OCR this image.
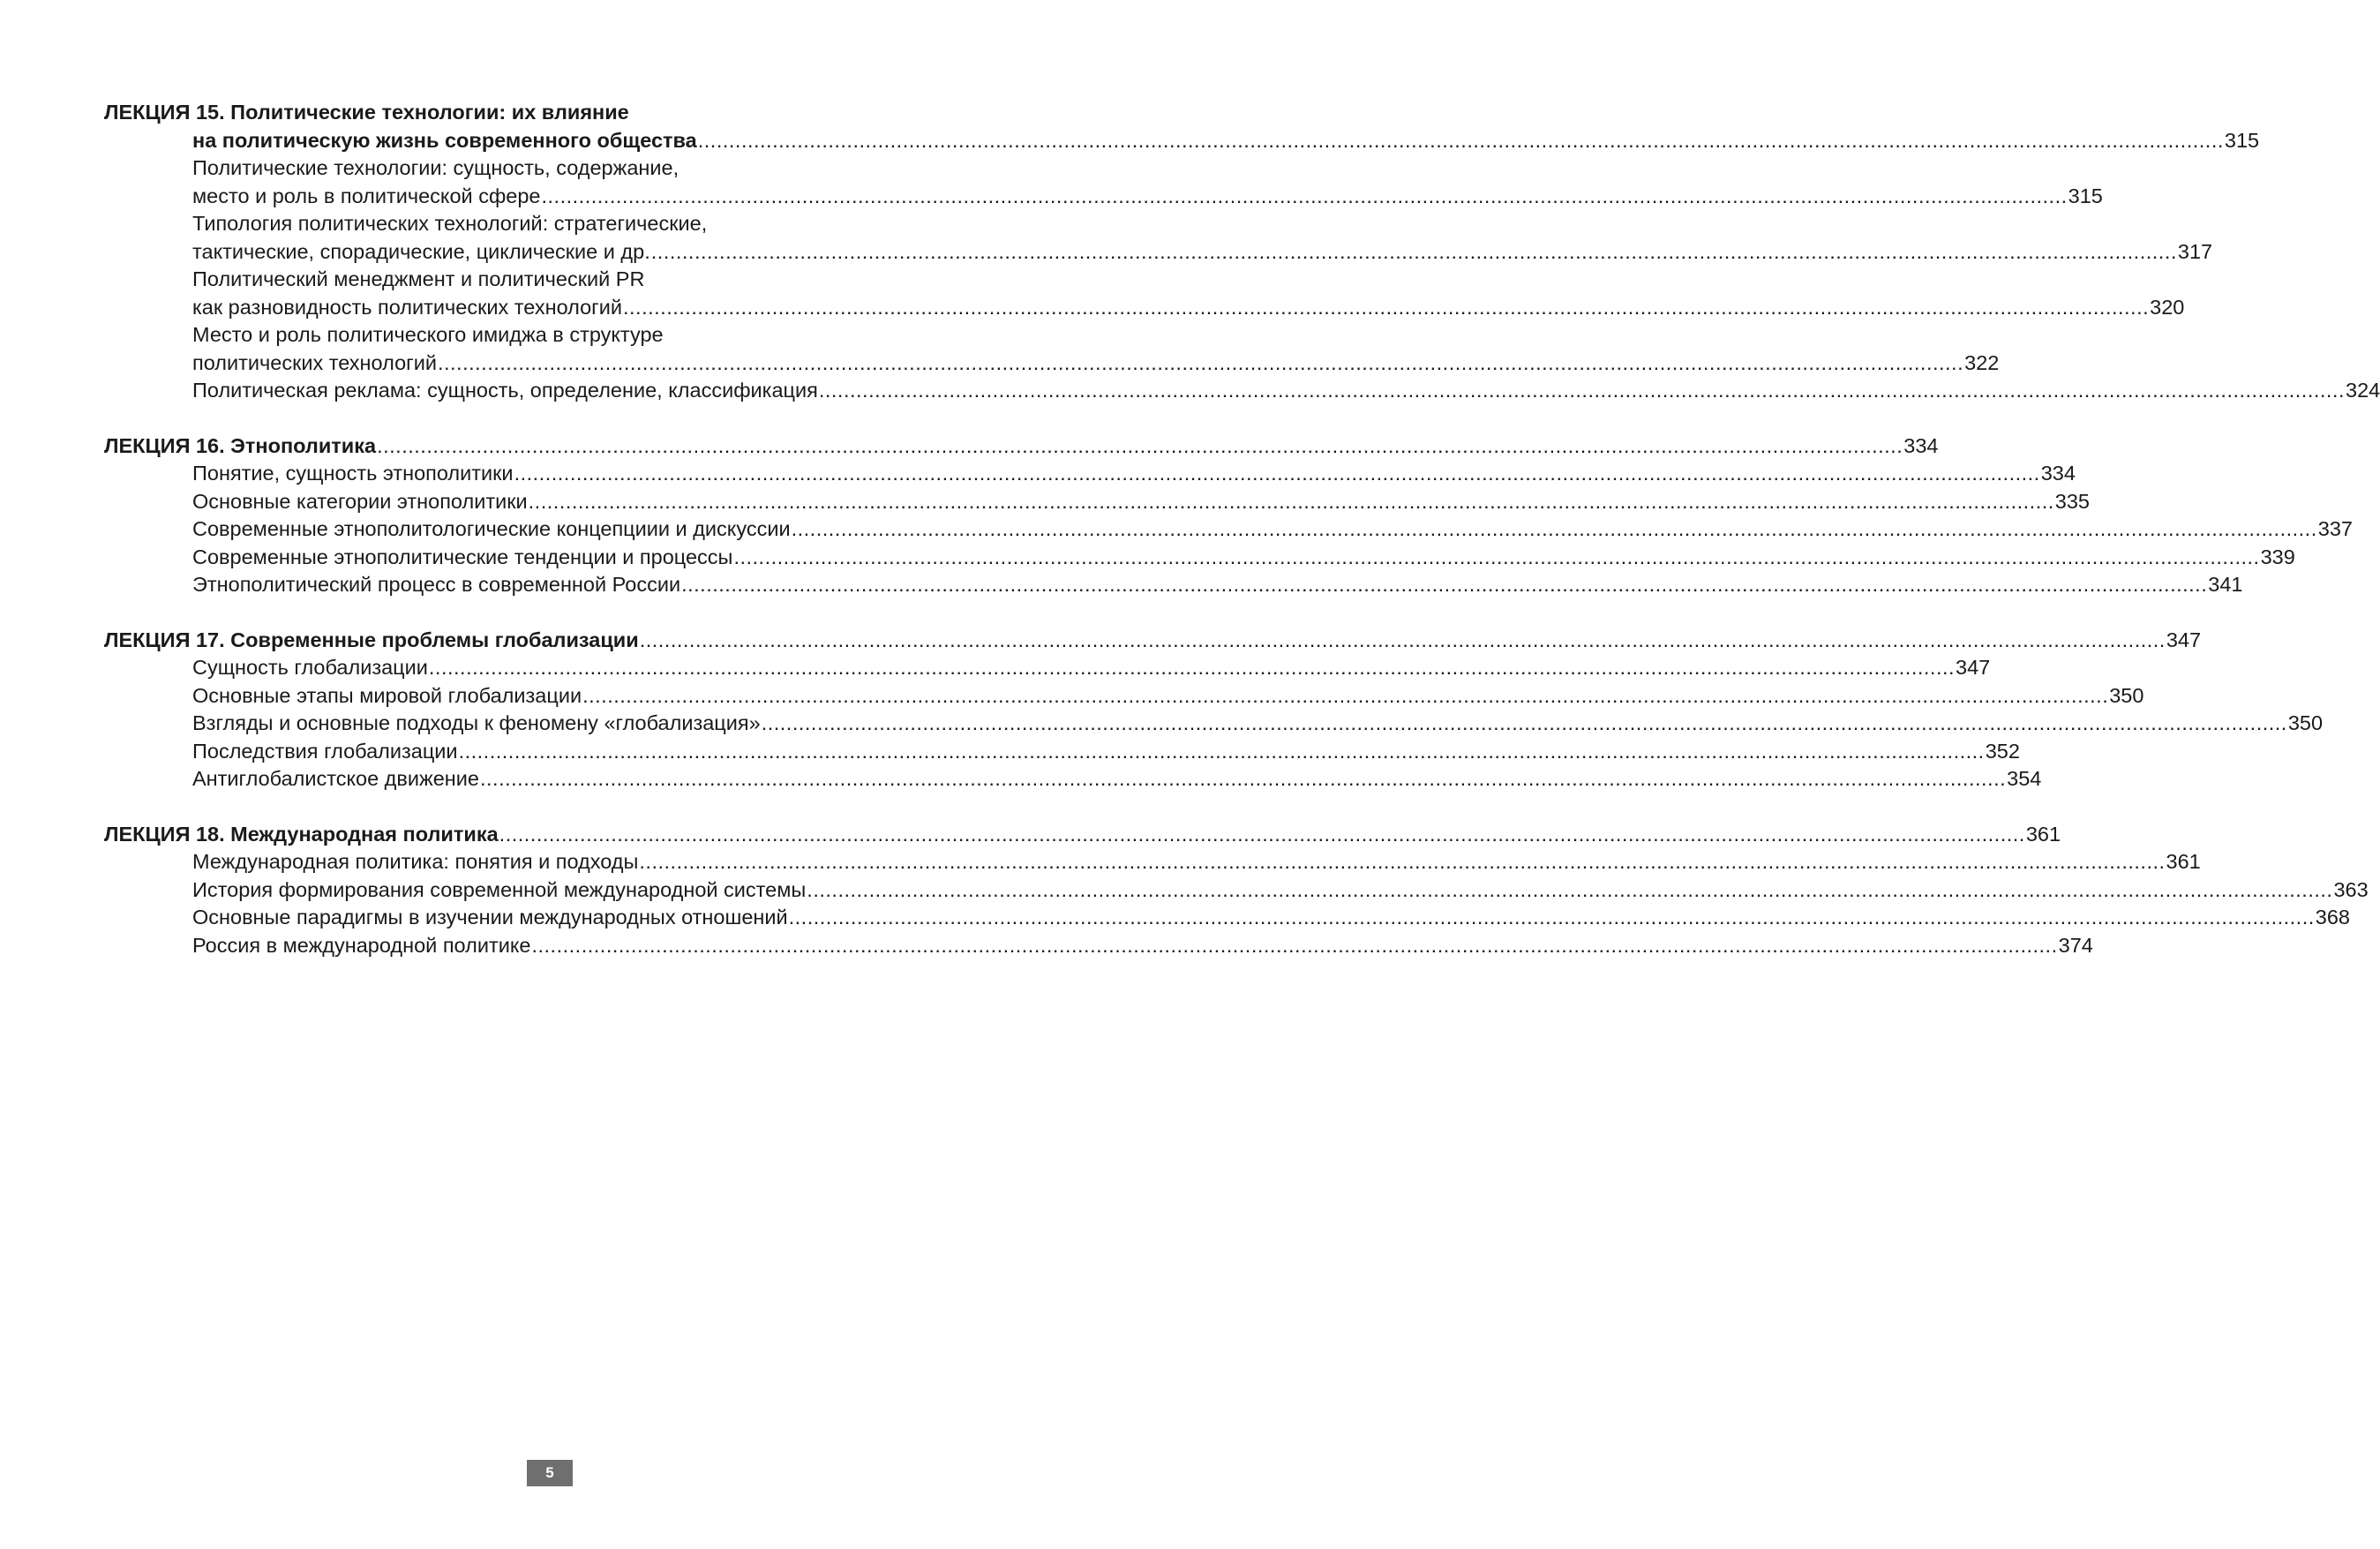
ЛЕКЦИЯ 15. Политические технологии: их влияние
на политическую жизнь современного общества .....	315
Политические технологии: сущность, содержание,
место и роль в политической сфере .....	315
Типология политических технологий: стратегические,
тактические, спорадические, циклические и др. .....	317
Политический менеджмент и политический PR
как разновидность политических технологий .....	320
Место и роль политического имиджа в структуре
политических технологий .....	322
Политическая реклама: сущность, определение, классификация .....	324
ЛЕКЦИЯ 16. Этнополитика .....	334
Понятие, сущность этнополитики .....	334
Основные категории этнополитики .....	335
Современные этнополитологические концепциии и дискуссии .....	337
Современные этнополитические тенденции и процессы .....	339
Этнополитический процесс в современной России .....	341
ЛЕКЦИЯ 17. Современные проблемы глобализации .....	347
Сущность глобализации .....	347
Основные этапы мировой глобализации .....	350
Взгляды и основные подходы к феномену «глобализация» .....	350
Последствия глобализации .....	352
Антиглобалистское движение .....	354
ЛЕКЦИЯ 18. Международная политика .....	361
Международная политика: понятия и подходы .....	361
История формирования современной международной системы .....	363
Основные парадигмы в изучении международных отношений .....	368
Россия в международной политике .....	374
5
